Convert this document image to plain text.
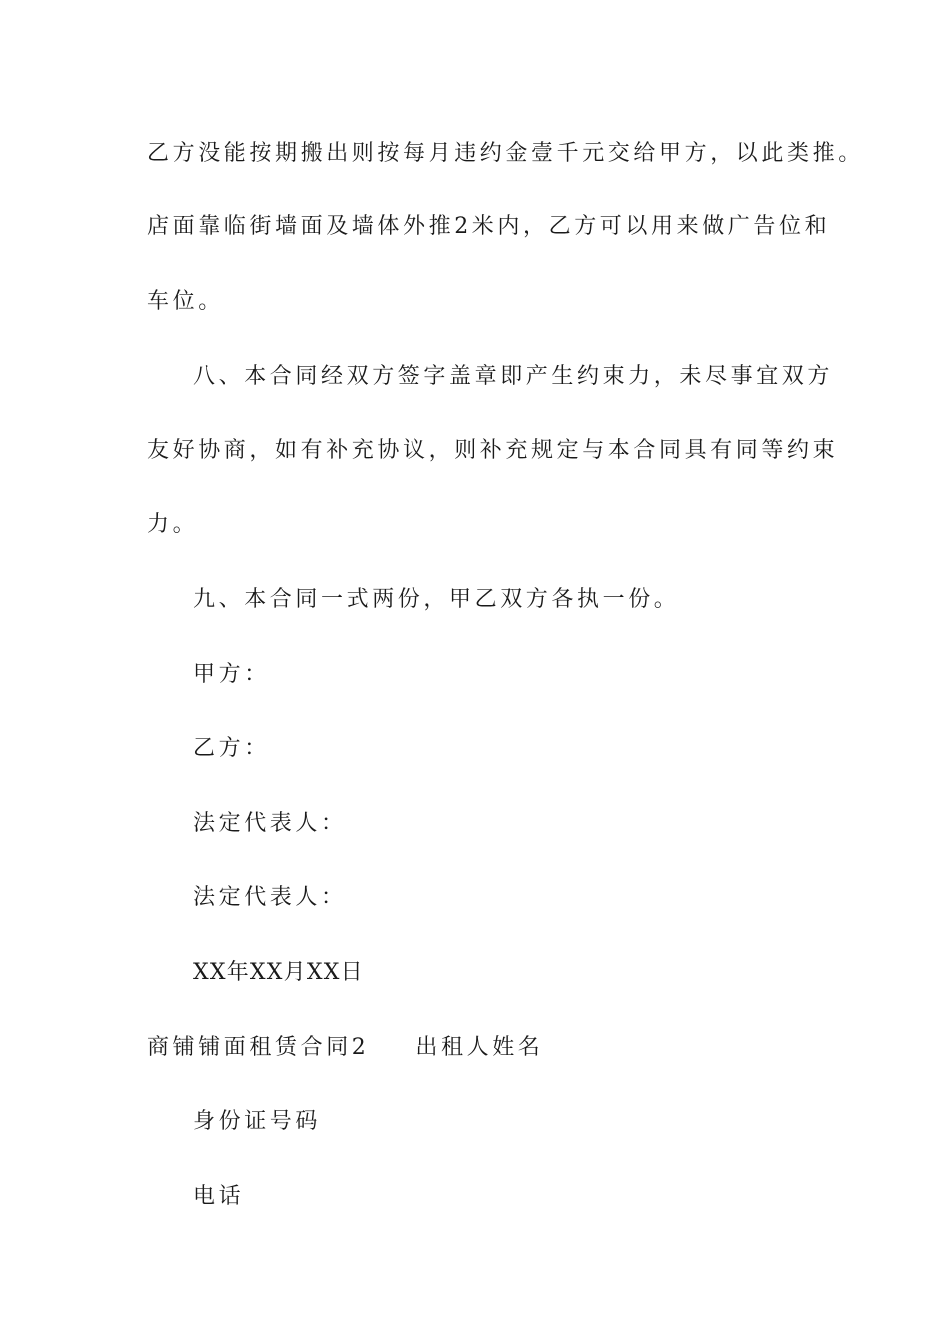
乙方没能按期搬出则按每月违约金壹千元交给甲方，以此类推。
店面靠临街墙面及墙体外推2米内，乙方可以用来做广告位和
车位。
八、本合同经双方签字盖章即产生约束力，未尽事宜双方
友好协商，如有补充协议，则补充规定与本合同具有同等约束
力。
九、本合同一式两份，甲乙双方各执一份。
甲方：
乙方：
法定代表人：
法定代表人：
XX年XX月XX日
商铺铺面租赁合同2 出租人姓名
身份证号码
电话
